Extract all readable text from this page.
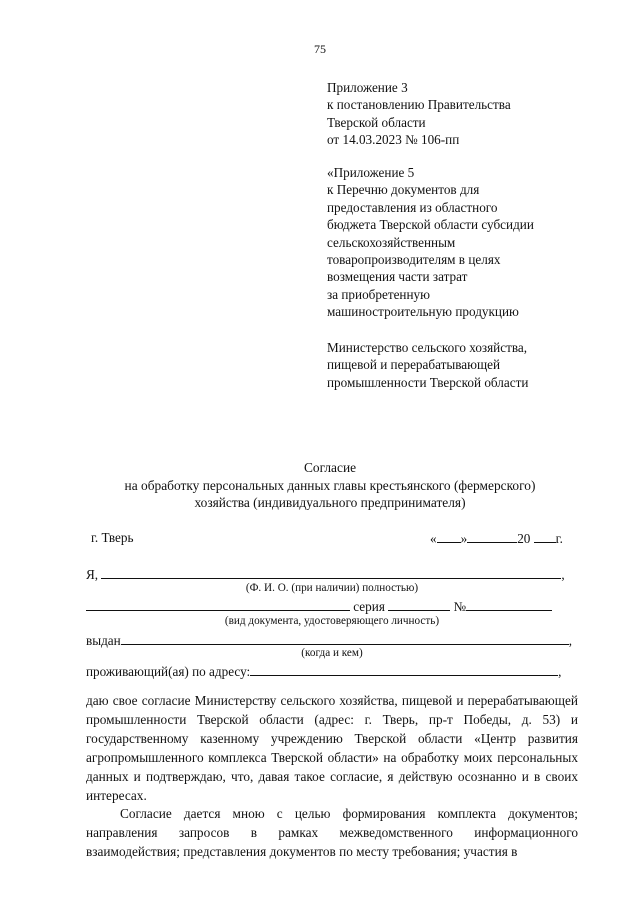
75
Приложение 3
к постановлению Правительства
Тверской области
от 14.03.2023 № 106-пп
«Приложение 5
к Перечню документов для
предоставления из областного
бюджета Тверской области субсидии
сельскохозяйственным
товаропроизводителям в целях
возмещения части затрат
за приобретенную
машиностроительную продукцию
Министерство сельского хозяйства,
пищевой и перерабатывающей
промышленности Тверской области
Согласие
на обработку персональных данных главы крестьянского (фермерского)
хозяйства (индивидуального предпринимателя)
г. Тверь	« »	20 г.
Я,	,
(Ф. И. О. (при наличии) полностью)
серия	№
(вид документа, удостоверяющего личность)
выдан	,
(когда и кем)
проживающий(ая) по адресу:	,

даю свое согласие Министерству сельского хозяйства, пищевой и перерабатывающей промышленности Тверской области (адрес: г. Тверь, пр-т Победы, д. 53) и государственному казенному учреждению Тверской области «Центр развития агропромышленного комплекса Тверской области» на обработку моих персональных данных и подтверждаю, что, давая такое согласие, я действую осознанно и в своих интересах.

Согласие дается мною с целью формирования комплекта документов; направления запросов в рамках межведомственного информационного взаимодействия; представления документов по месту требования; участия в
